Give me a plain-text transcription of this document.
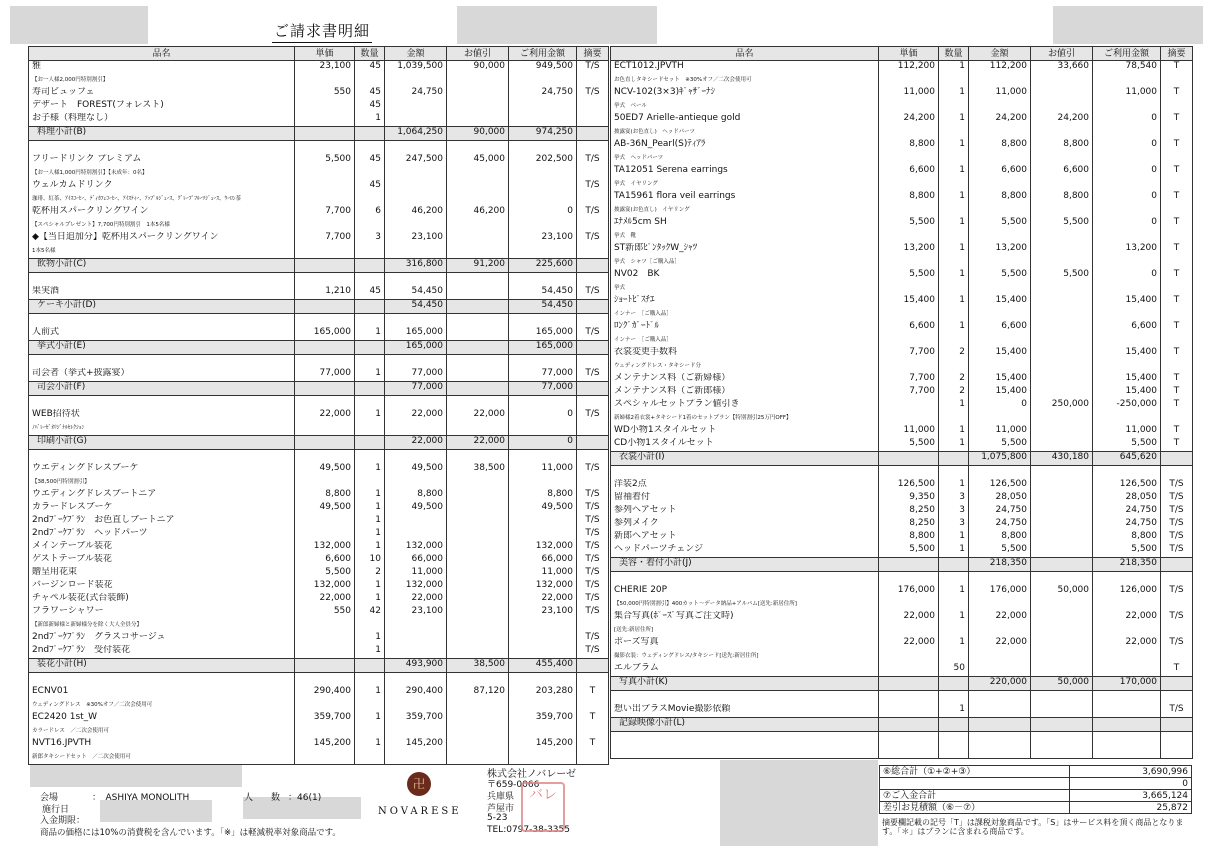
ご請求書明細
品名	単価	数量	金額	お値引	ご利用金額	摘要
雅	23,100	45	1,039,500	90,000	949,500	T/S
【お一人様2,000円特別割引】						
寿司ビュッフェ	550	45	24,750		24,750	T/S
デザート　FOREST(フォレスト)		45				
お子様（料理なし）		1				
料理小計(B)			1,064,250	90,000	974,250	

フリードリンク プレミアム	5,500	45	247,500	45,000	202,500	T/S
【お一人様1,000円特別割引】【未成年：0名】						
ウェルカムドリンク		45				T/S
珈琲、紅茶、ｱｲｽｺｰﾋｰ、ﾃﾞｨｶﾌｪｺｰﾋｰ、ｱｲｽﾃｨｰ、ｱｯﾌﾟﾙｼﾞｭｰｽ、ｸﾞﾚｰﾌﾟﾌﾙｰﾂｼﾞｭｰｽ、ｳｰﾛﾝ茶						
乾杯用スパークリングワイン	7,700	6	46,200	46,200	0	T/S
【スペシャルプレゼント】7,700円特別割引　1本5名様						
◆【当日追加分】乾杯用スパークリングワイン	7,700	3	23,100		23,100	T/S
1本5名様						
飲物小計(C)			316,800	91,200	225,600	

果実酒	1,210	45	54,450		54,450	T/S
ケーキ小計(D)			54,450		54,450	

人前式	165,000	1	165,000		165,000	T/S
挙式小計(E)			165,000		165,000	

司会者（挙式+披露宴）	77,000	1	77,000		77,000	T/S
司会小計(F)			77,000		77,000	

WEB招待状	22,000	1	22,000	22,000	0	T/S
ﾉﾊﾞﾚｰｾﾞｵﾘｼﾞﾅﾙｾﾚｸｼｮﾝ						
印刷小計(G)			22,000	22,000	0	

ウエディングドレスブーケ	49,500	1	49,500	38,500	11,000	T/S
【38,500円特別割引】						
ウエディングドレスブートニア	8,800	1	8,800		8,800	T/S
カラードレスブーケ	49,500	1	49,500		49,500	T/S
2ndﾌﾟｰｹﾌﾟﾗﾝ　お色直しブートニア		1				T/S
2ndﾌﾟｰｹﾌﾟﾗﾝ　ヘッドパーツ		1				T/S
メインテーブル装花	132,000	1	132,000		132,000	T/S
ゲストテーブル装花	6,600	10	66,000		66,000	T/S
贈呈用花束	5,500	2	11,000		11,000	T/S
バージンロード装花	132,000	1	132,000		132,000	T/S
チャペル装花(式台装飾)	22,000	1	22,000		22,000	T/S
フラワーシャワー	550	42	23,100		23,100	T/S
【新郎新婦様と新婦様分を除く大人全員分】						
2ndﾌﾟｰｹﾌﾟﾗﾝ　グラスコサージュ		1				T/S
2ndﾌﾟｰｹﾌﾟﾗﾝ　受付装花		1				T/S
装花小計(H)			493,900	38,500	455,400	

ECNV01	290,400	1	290,400	87,120	203,280	T
ウェディングドレス　※30%オフ／二次会使用可						
EC2420 1st_W	359,700	1	359,700		359,700	T
カラードレス　／二次会使用可						
NVT16.JPVTH	145,200	1	145,200		145,200	T
新郎タキシードセット　／二次会使用可						
品名	単価	数量	金額	お値引	ご利用金額	摘要
ECT1012.JPVTH	112,200	1	112,200	33,660	78,540	T
お色直しタキシードセット　※30%オフ／二次会使用可						
NCV-102(3×3)ｷﾞｬｻﾞｰﾅｼ	11,000	1	11,000		11,000	T
挙式　ベール						
50ED7 Arielle-antieque gold	24,200	1	24,200	24,200	0	T
披露宴(お色直し)　ヘッドパーツ						
AB-36N_Pearl(S)ﾃｨｱﾗ	8,800	1	8,800	8,800	0	T
挙式　ヘッドパーツ						
TA12051 Serena earrings	6,600	1	6,600	6,600	0	T
挙式　イヤリング						
TA15961 flora veil earrings	8,800	1	8,800	8,800	0	T
披露宴(お色直し)　イヤリング						
ｴﾅﾒﾙ5cm SH	5,500	1	5,500	5,500	0	T
挙式　靴						
ST新郎ﾋﾟﾝﾀｯｸW_ｼｬﾂ	13,200	1	13,200		13,200	T
挙式　シャツ［ご購入品］						
NV02　BK	5,500	1	5,500	5,500	0	T
挙式						
ｼｮｰﾄﾋﾞｽﾁｴ	15,400	1	15,400		15,400	T
インナー　［ご購入品］						
ﾛﾝｸﾞｶﾞｰﾄﾞﾙ	6,600	1	6,600		6,600	T
インナー　［ご購入品］						
衣裳変更手数料	7,700	2	15,400		15,400	T
ウェディングドレス・タキシード分						
メンテナンス料（ご新婦様）	7,700	2	15,400		15,400	T
メンテナンス料（ご新郎様）	7,700	2	15,400		15,400	T
スペシャルセットプラン値引き		1	0	250,000	-250,000	T
新婦様2着衣裳+タキシード1着のセットプラン【特別割引25万円OFF】						
WD小物1スタイルセット	11,000	1	11,000		11,000	T
CD小物1スタイルセット	5,500	1	5,500		5,500	T
衣裳小計(I)			1,075,800	430,180	645,620	

洋装2点	126,500	1	126,500		126,500	T/S
留袖着付	9,350	3	28,050		28,050	T/S
参列ヘアセット	8,250	3	24,750		24,750	T/S
参列メイク	8,250	3	24,750		24,750	T/S
新郎ヘアセット	8,800	1	8,800		8,800	T/S
ヘッドパーツチェンジ	5,500	1	5,500		5,500	T/S
美容・着付小計(J)			218,350		218,350	

CHERIE 20P	176,000	1	176,000	50,000	126,000	T/S
【50,000円特別割引】400カット～データ納品+アルバム[送先:新居住所]						
集合写真(ﾎﾟｰｽﾞ写真ご注文時)	22,000	1	22,000		22,000	T/S
[送先:新居住所]						
ポーズ写真	22,000	1	22,000		22,000	T/S
撮影衣装：ウェディングドレス/タキシード[送先:新居住所]						
エルブラム		50				T
写真小計(K)			220,000	50,000	170,000	

想い出プラスMovie撮影依頼		1				T/S
記録映像小計(L)						

会場	：　ASHIYA MONOLITH	人　　数 ：46(1)
施行日
入金期限：
商品の価格には10%の消費税を含んでいます。「※」は軽減税率対象商品です。
卍
NOVARESE
株式会社ノバレーゼ
〒659-0066
兵庫県
芦屋市
5-23
TEL:0797-38-3355
バレ
⑥総合計（①+②+③）	3,690,996
	0
⑦ご入金合計	3,665,124
差引お見積額（⑥－⑦）	25,872
摘要欄記載の記号「T」は課税対象商品です。「S」はサービス料を頂く商品となります。「＊」はプランに含まれる商品です。
